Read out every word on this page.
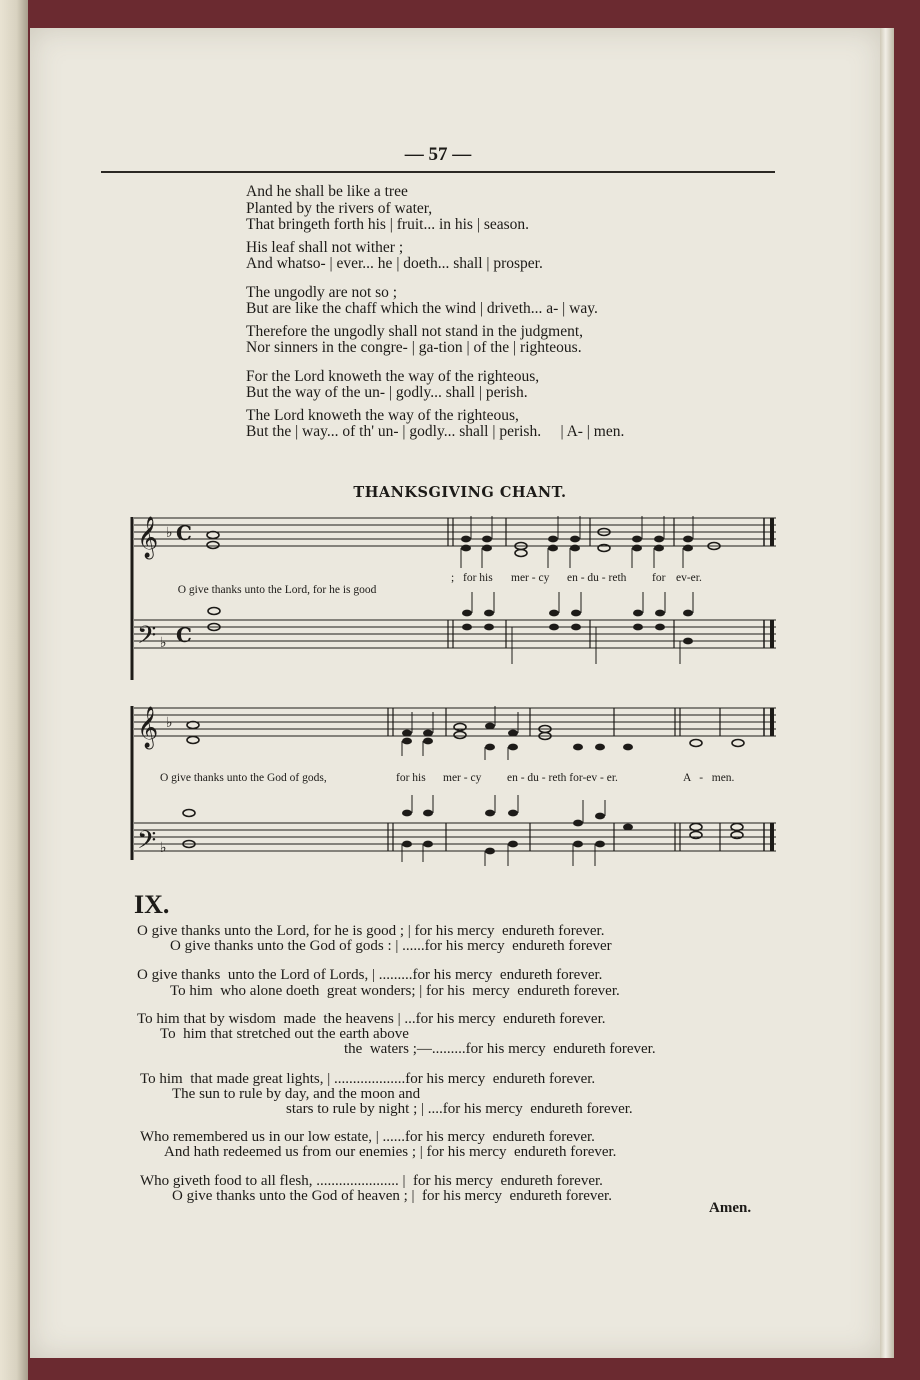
— 57 —
And he shall be like a tree
Planted by the rivers of water,
That bringeth forth his | fruit... in his | season.
His leaf shall not wither ;
And whatso- | ever... he | doeth... shall | prosper.
The ungodly are not so ;
But are like the chaff which the wind | driveth... a- | way.
Therefore the ungodly shall not stand in the judgment,
Nor sinners in the congre- | ga-tion | of the | righteous.
For the Lord knoweth the way of the righteous,
But the way of the un- | godly... shall | perish.
The Lord knoweth the way of the righteous,
But the | way... of th' un- | godly... shall | perish.     | A- | men.
THANKSGIVING CHANT.
𝄞 ♭ C
𝄢 ♭ C
𝄞 ♭
𝄢 ♭

O give thanks unto the Lord, for he is good

; for his mer - cy en - du - reth for ev-er.
O give thanks unto the God of gods,	for his mer - cy en - du - reth for-ev - er.	A   -   men.
IX.
O give thanks unto the Lord, for he is good ; | for his mercy  endureth forever.
O give thanks unto the God of gods : | ......for his mercy  endureth forever
O give thanks  unto the Lord of Lords, | .........for his mercy  endureth forever.
To him  who alone doeth  great wonders; | for his  mercy  endureth forever.
To him that by wisdom  made  the heavens | ...for his mercy  endureth forever.
To  him that stretched out the earth above
the  waters ;—.........for his mercy  endureth forever.
To him  that made great lights, | ...................for his mercy  endureth forever.
The sun to rule by day, and the moon and
stars to rule by night ; | ....for his mercy  endureth forever.
Who remembered us in our low estate, | ......for his mercy  endureth forever.
And hath redeemed us from our enemies ; | for his mercy  endureth forever.
Who giveth food to all flesh, ...................... |  for his mercy  endureth forever.
O give thanks unto the God of heaven ; |  for his mercy  endureth forever.
Amen.
